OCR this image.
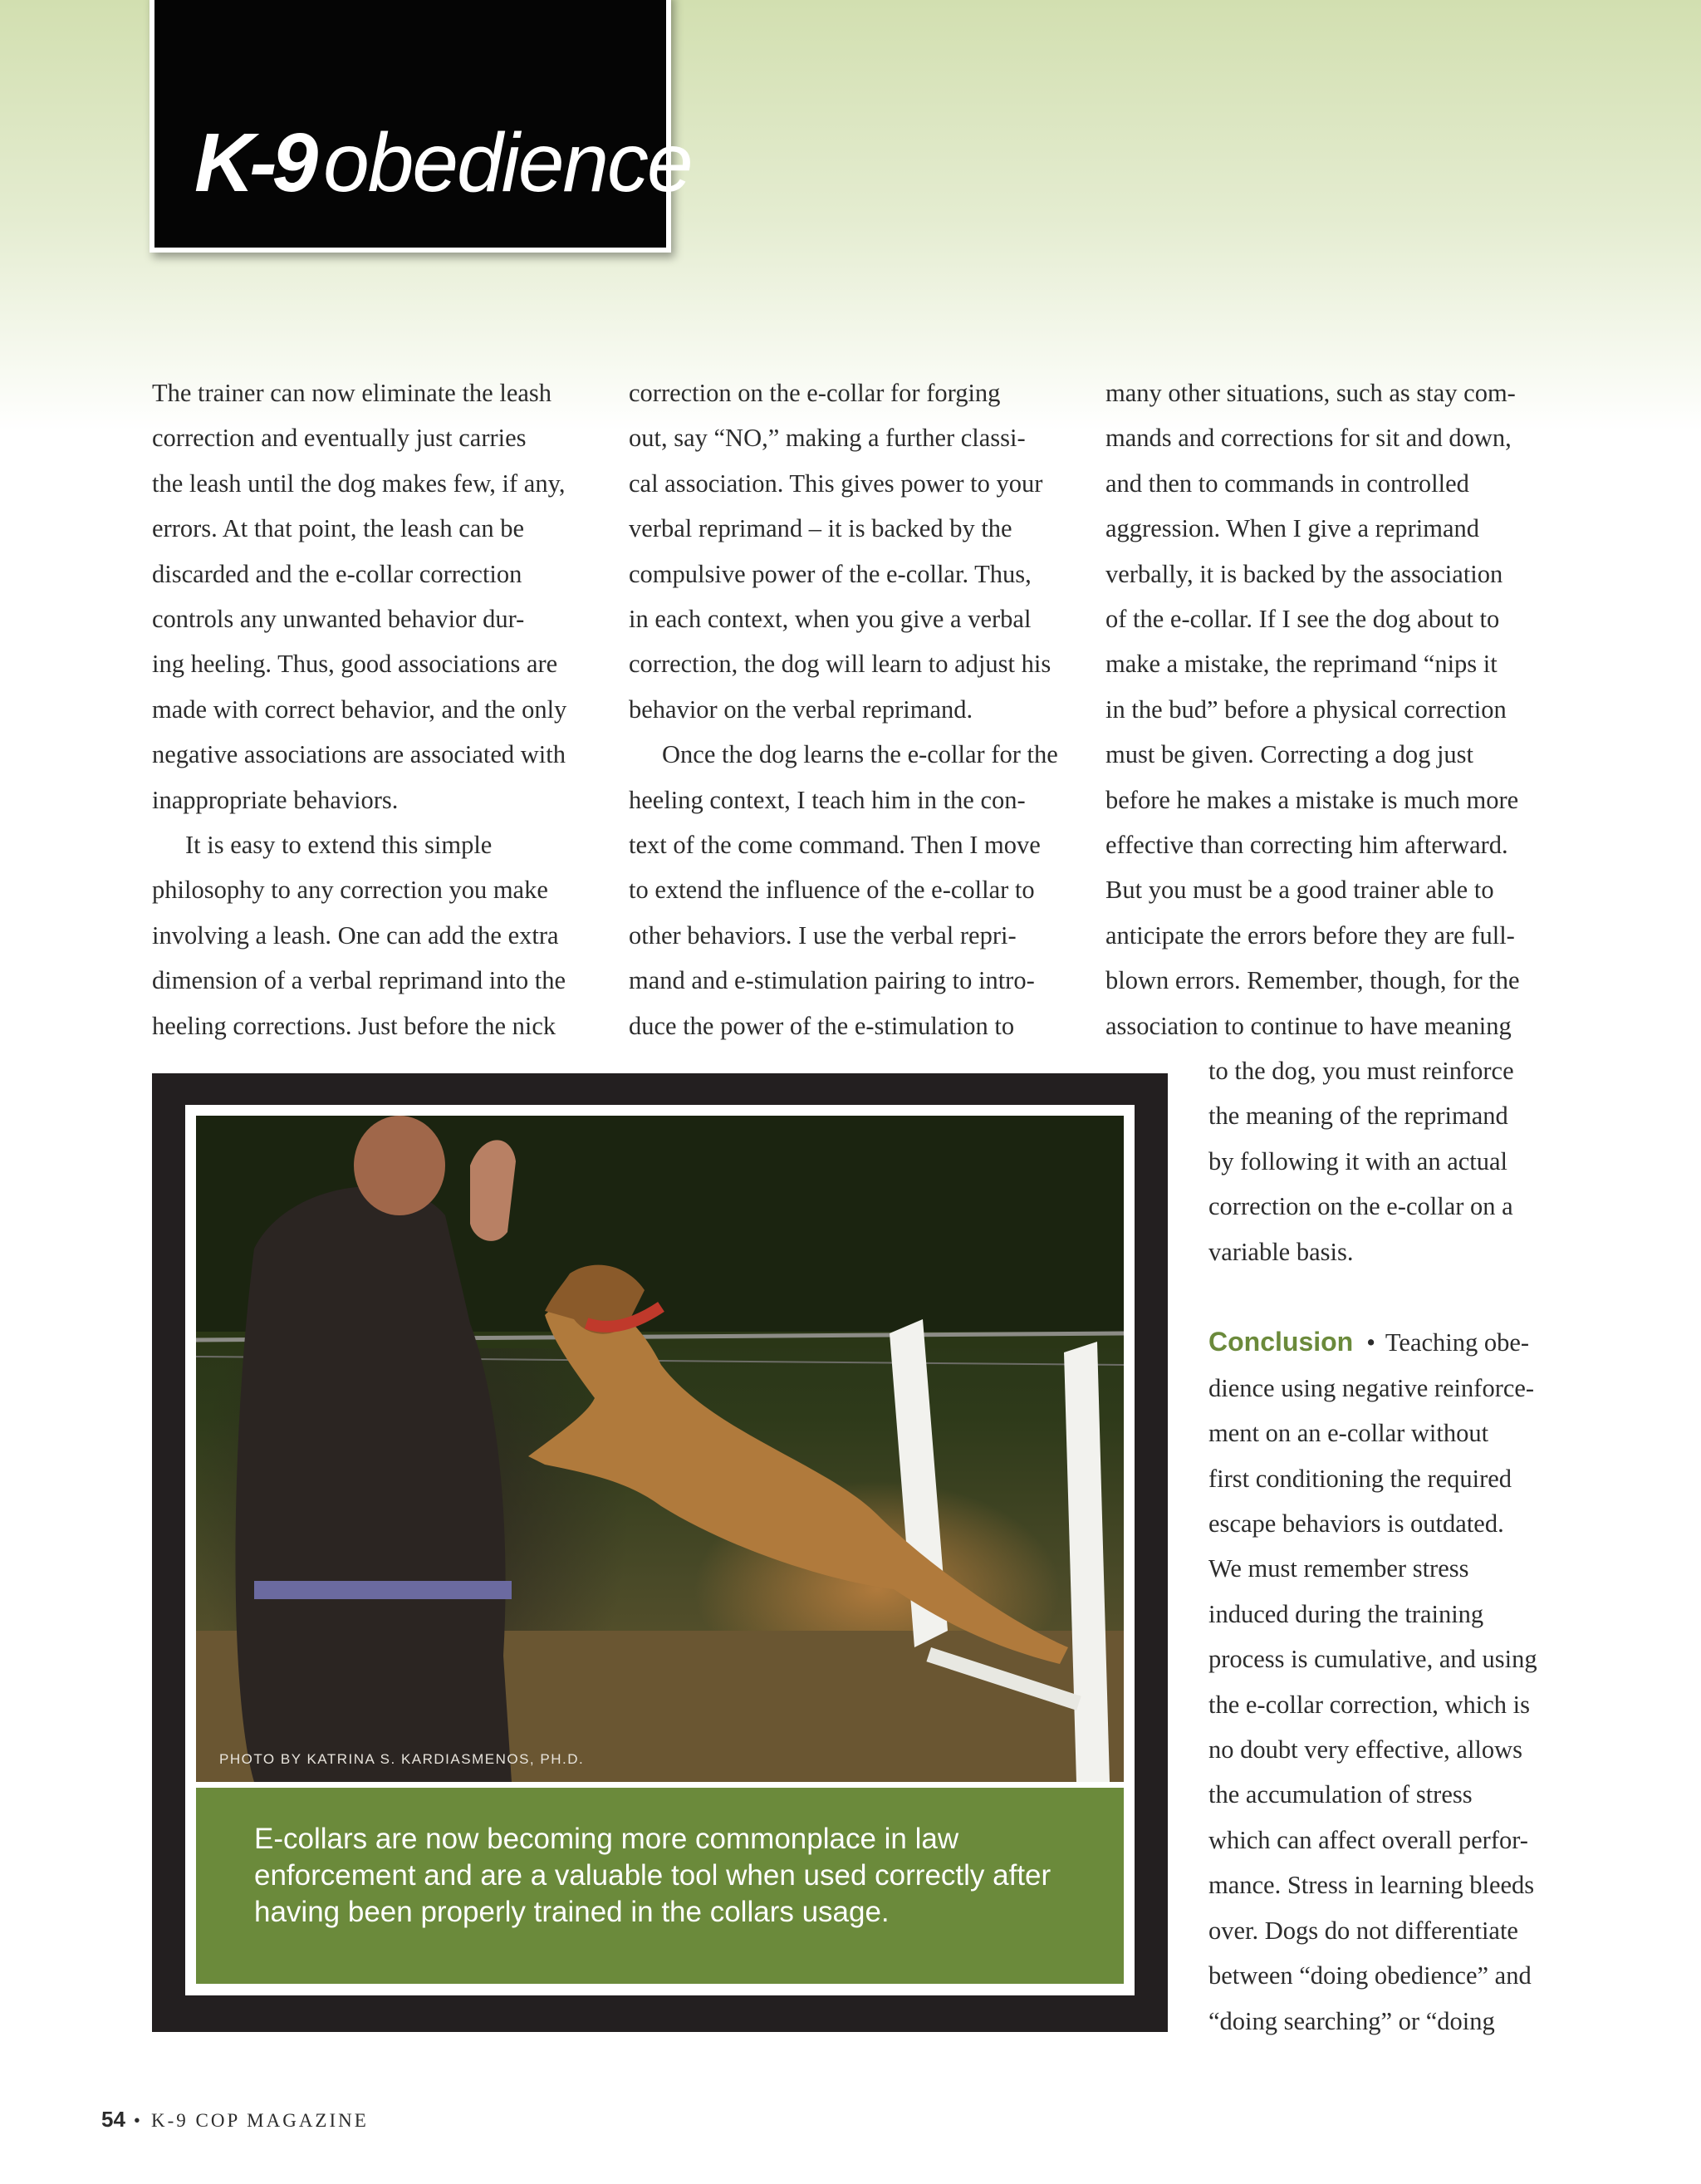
K-9 obedience

The trainer can now eliminate the leash
correction and eventually just carries
the leash until the dog makes few, if any,
errors. At that point, the leash can be
discarded and the e-collar correction
controls any unwanted behavior dur-
ing heeling. Thus, good associations are
made with correct behavior, and the only
negative associations are associated with
inappropriate behaviors.

It is easy to extend this simple
philosophy to any correction you make
involving a leash. One can add the extra
dimension of a verbal reprimand into the
heeling corrections. Just before the nick

correction on the e-collar for forging
out, say “NO,” making a further classi-
cal association. This gives power to your
verbal reprimand – it is backed by the
compulsive power of the e-collar. Thus,
in each context, when you give a verbal
correction, the dog will learn to adjust his
behavior on the verbal reprimand.

Once the dog learns the e-collar for the
heeling context, I teach him in the con-
text of the come command. Then I move
to extend the influence of the e-collar to
other behaviors. I use the verbal repri-
mand and e-stimulation pairing to intro-
duce the power of the e-stimulation to

many other situations, such as stay com-
mands and corrections for sit and down,
and then to commands in controlled
aggression. When I give a reprimand
verbally, it is backed by the association
of the e-collar. If I see the dog about to
make a mistake, the reprimand “nips it
in the bud” before a physical correction
must be given. Correcting a dog just
before he makes a mistake is much more
effective than correcting him afterward.
But you must be a good trainer able to
anticipate the errors before they are full-
blown errors. Remember, though, for the
association to continue to have meaning
to the dog, you must reinforce
the meaning of the reprimand
by following it with an actual
correction on the e-collar on a
variable basis.
Conclusion • Teaching obe-
dience using negative reinforce-
ment on an e-collar without
first conditioning the required
escape behaviors is outdated.
We must remember stress
induced during the training
process is cumulative, and using
the e-collar correction, which is
no doubt very effective, allows
the accumulation of stress
which can affect overall perfor-
mance. Stress in learning bleeds
over. Dogs do not differentiate
between “doing obedience” and
“doing searching” or “doing
PHOTO BY KATRINA S. KARDIASMENOS, PH.D.
E-collars are now becoming more commonplace in law enforcement and are a valuable tool when used correctly after having been properly trained in the collars usage.
54 • K-9 COP MAGAZINE
